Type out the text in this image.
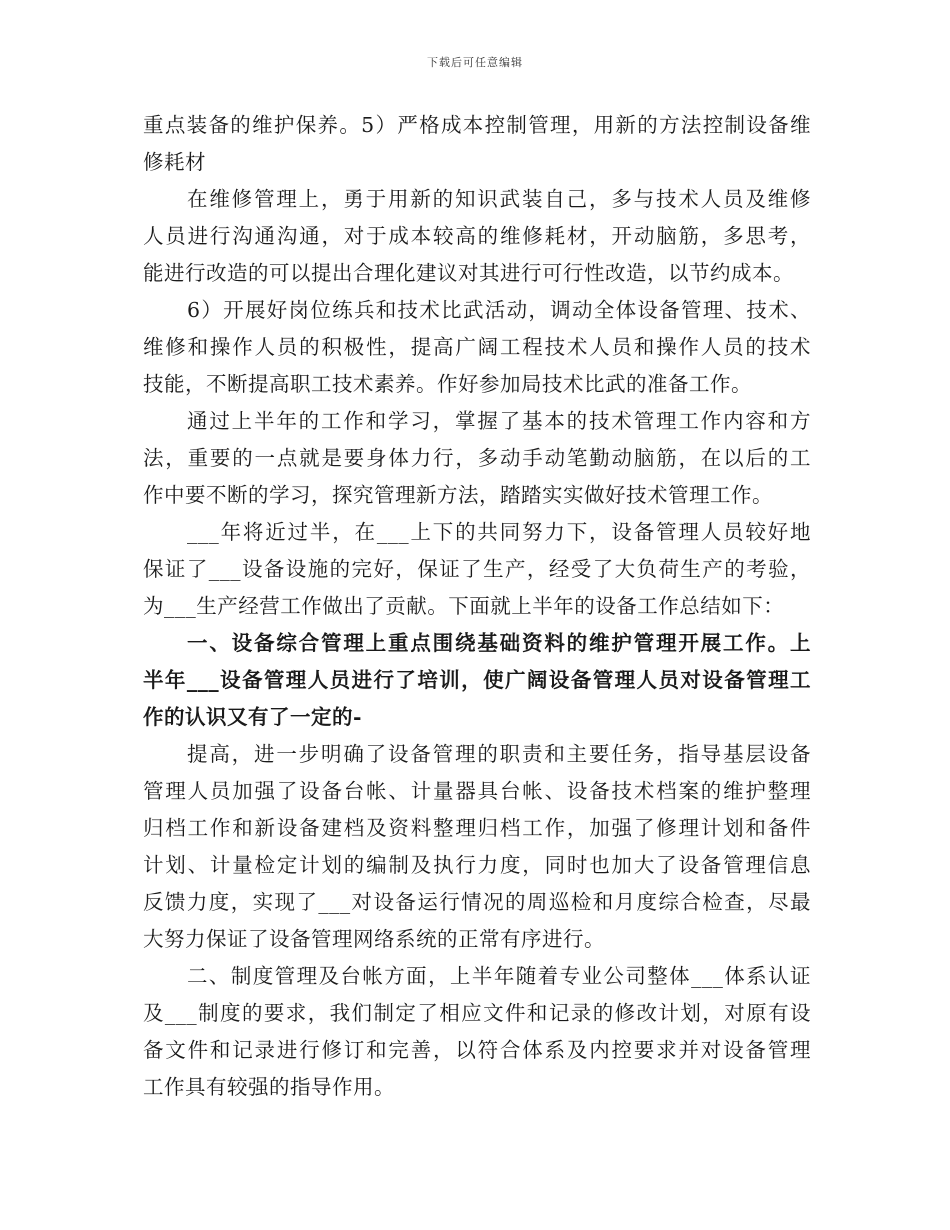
下载后可任意编辑
重点装备的维护保养。5）严格成本控制管理，用新的方法控制设备维
修耗材
在维修管理上，勇于用新的知识武装自己，多与技术人员及维修
人员进行沟通沟通，对于成本较高的维修耗材，开动脑筋，多思考，
能进行改造的可以提出合理化建议对其进行可行性改造，以节约成本。
6）开展好岗位练兵和技术比武活动，调动全体设备管理、技术、
维修和操作人员的积极性，提高广阔工程技术人员和操作人员的技术
技能，不断提高职工技术素养。作好参加局技术比武的准备工作。
通过上半年的工作和学习，掌握了基本的技术管理工作内容和方
法，重要的一点就是要身体力行，多动手动笔勤动脑筋，在以后的工
作中要不断的学习，探究管理新方法，踏踏实实做好技术管理工作。
___年将近过半，在___上下的共同努力下，设备管理人员较好地
保证了___设备设施的完好，保证了生产，经受了大负荷生产的考验，
为___生产经营工作做出了贡献。下面就上半年的设备工作总结如下：
一、设备综合管理上重点围绕基础资料的维护管理开展工作。上
半年___设备管理人员进行了培训，使广阔设备管理人员对设备管理工
作的认识又有了一定的-
提高，进一步明确了设备管理的职责和主要任务，指导基层设备
管理人员加强了设备台帐、计量器具台帐、设备技术档案的维护整理
归档工作和新设备建档及资料整理归档工作，加强了修理计划和备件
计划、计量检定计划的编制及执行力度，同时也加大了设备管理信息
反馈力度，实现了___对设备运行情况的周巡检和月度综合检查，尽最
大努力保证了设备管理网络系统的正常有序进行。
二、制度管理及台帐方面，上半年随着专业公司整体___体系认证
及___制度的要求，我们制定了相应文件和记录的修改计划，对原有设
备文件和记录进行修订和完善，以符合体系及内控要求并对设备管理
工作具有较强的指导作用。
